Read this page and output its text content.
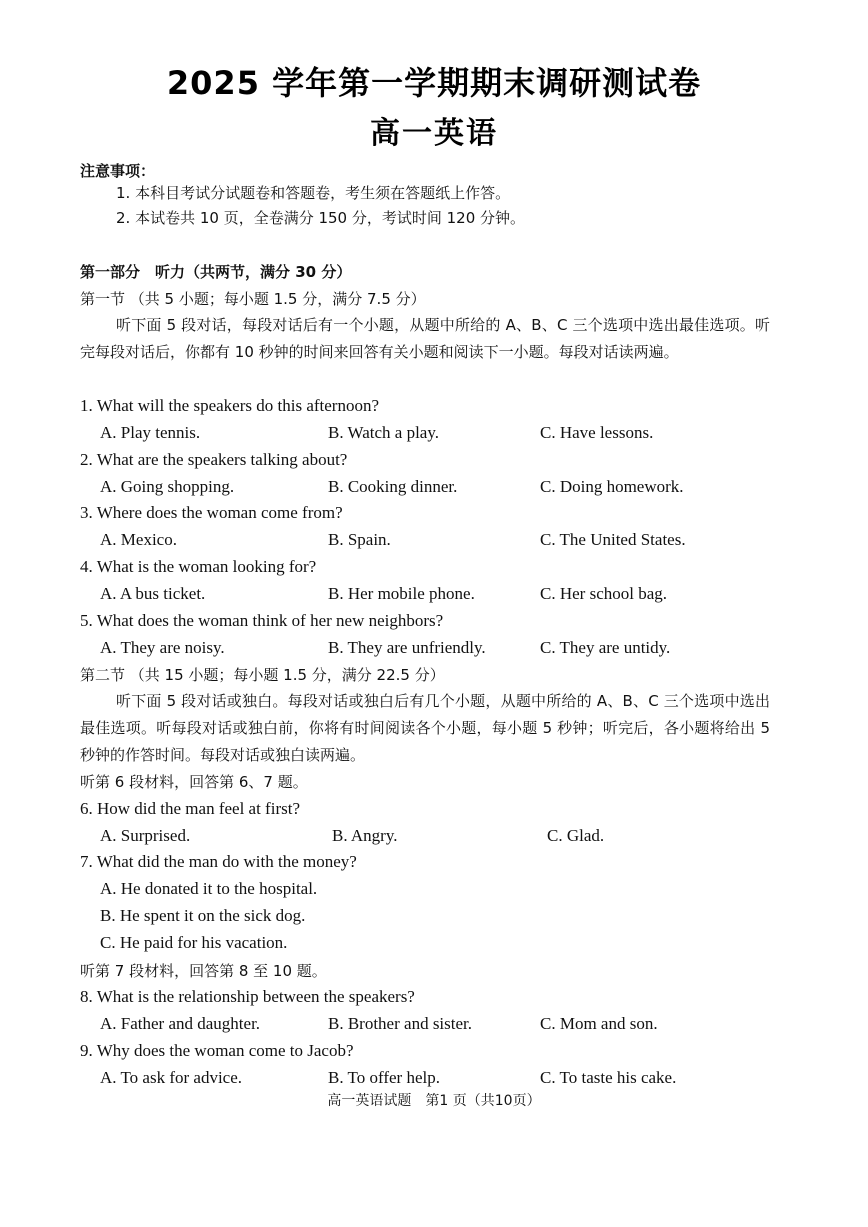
2025 学年第一学期期末调研测试卷
高一英语
注意事项：
1. 本科目考试分试题卷和答题卷，考生须在答题纸上作答。
2. 本试卷共 10 页，全卷满分 150 分，考试时间 120 分钟。
第一部分　听力（共两节，满分 30 分）
第一节 （共 5 小题；每小题 1.5 分，满分 7.5 分）
听下面 5 段对话，每段对话后有一个小题，从题中所给的 A、B、C 三个选项中选出最佳选项。听完每段对话后，你都有 10 秒钟的时间来回答有关小题和阅读下一小题。每段对话读两遍。
1. What will the speakers do this afternoon?
A. Play tennis.	B. Watch a play.	C. Have lessons.
2. What are the speakers talking about?
A. Going shopping.	B. Cooking dinner.	C. Doing homework.
3. Where does the woman come from?
A. Mexico.	B. Spain.	C. The United States.
4. What is the woman looking for?
A. A bus ticket.	B. Her mobile phone.	C. Her school bag.
5. What does the woman think of her new neighbors?
A. They are noisy.	B. They are unfriendly.	C. They are untidy.
第二节 （共 15 小题；每小题 1.5 分，满分 22.5 分）
听下面 5 段对话或独白。每段对话或独白后有几个小题，从题中所给的 A、B、C 三个选项中选出最佳选项。听每段对话或独白前，你将有时间阅读各个小题，每小题 5 秒钟；听完后，各小题将给出 5 秒钟的作答时间。每段对话或独白读两遍。
听第 6 段材料，回答第 6、7 题。
6. How did the man feel at first?
A. Surprised.	B. Angry.	C. Glad.
7. What did the man do with the money?
A. He donated it to the hospital.
B. He spent it on the sick dog.
C. He paid for his vacation.
听第 7 段材料，回答第 8 至 10 题。
8. What is the relationship between the speakers?
A. Father and daughter.	B. Brother and sister.	C. Mom and son.
9. Why does the woman come to Jacob?
A. To ask for advice.	B. To offer help.	C. To taste his cake.
高一英语试题　第1 页（共10页）
